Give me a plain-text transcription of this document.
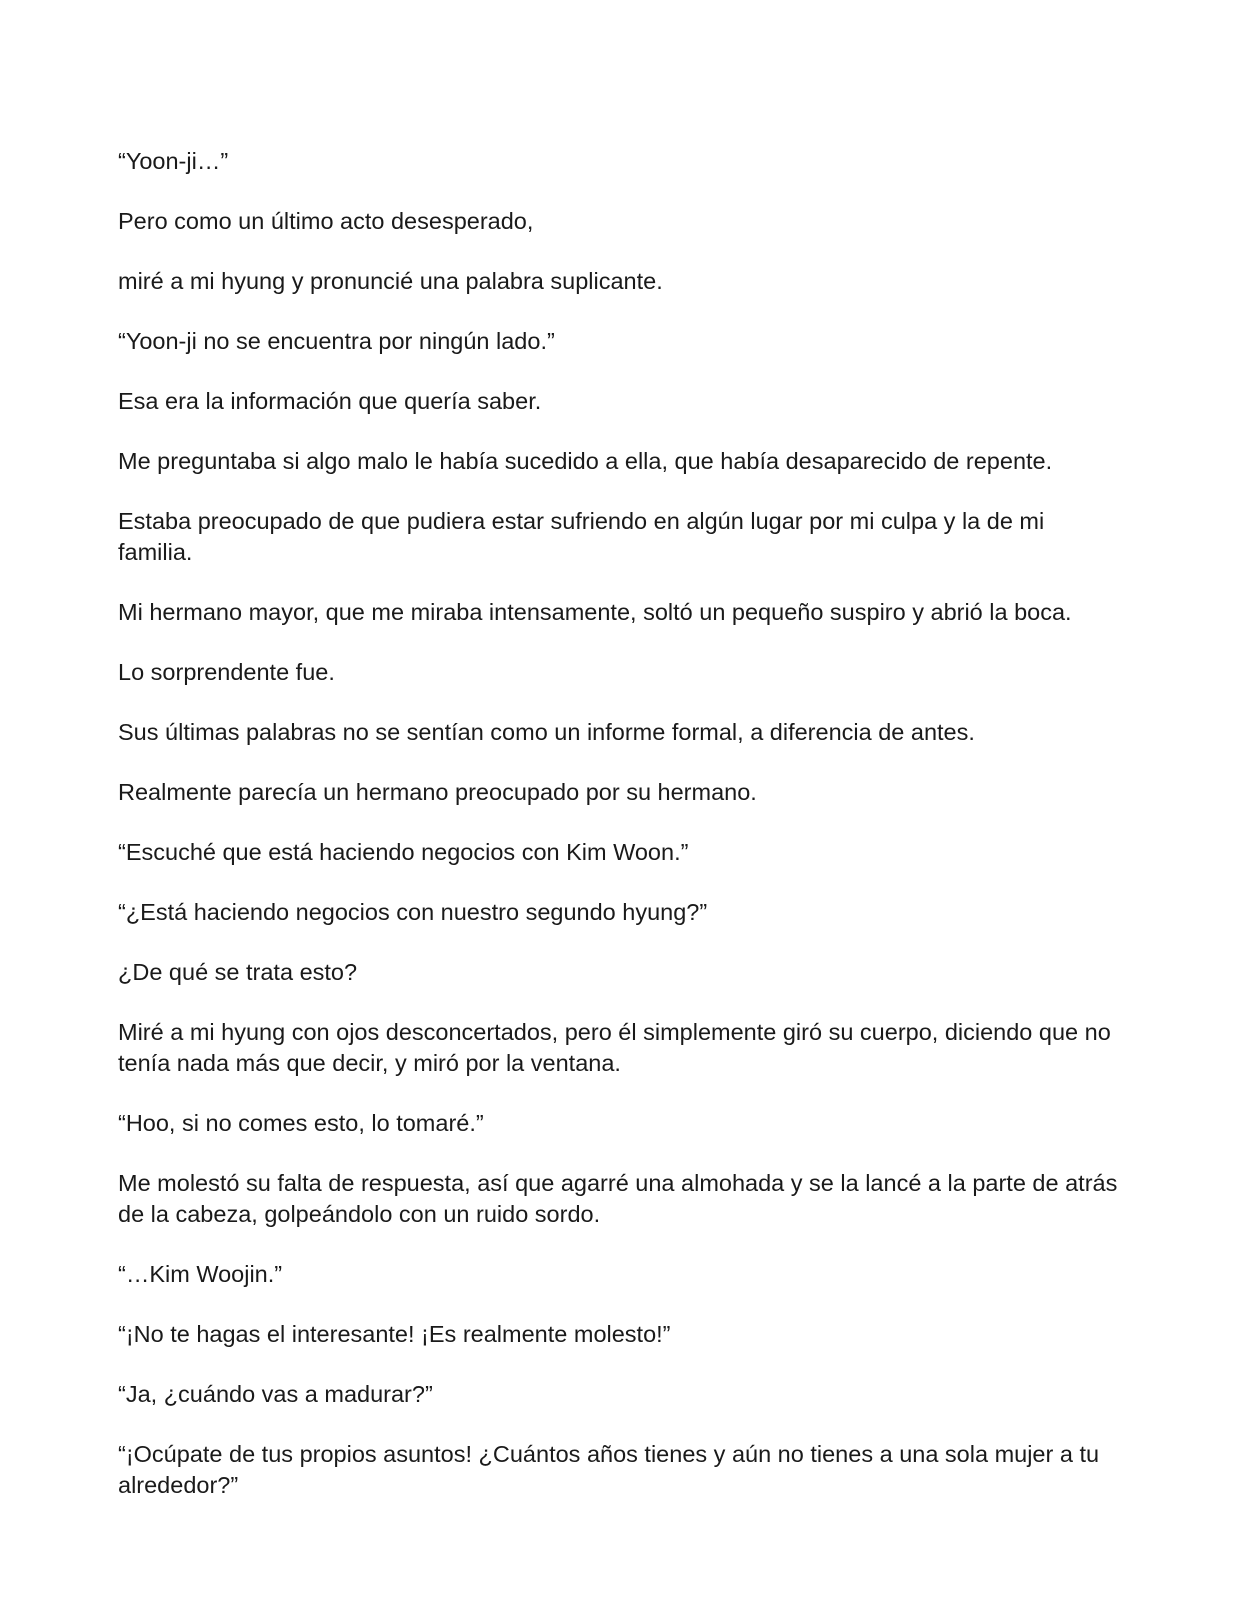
“Yoon-ji…”

Pero como un último acto desesperado,

miré a mi hyung y pronuncié una palabra suplicante.

“Yoon-ji no se encuentra por ningún lado.”

Esa era la información que quería saber.

Me preguntaba si algo malo le había sucedido a ella, que había desaparecido de repente.

Estaba preocupado de que pudiera estar sufriendo en algún lugar por mi culpa y la de mi familia.

Mi hermano mayor, que me miraba intensamente, soltó un pequeño suspiro y abrió la boca.

Lo sorprendente fue.

Sus últimas palabras no se sentían como un informe formal, a diferencia de antes.

Realmente parecía un hermano preocupado por su hermano.

“Escuché que está haciendo negocios con Kim Woon.”

“¿Está haciendo negocios con nuestro segundo hyung?”

¿De qué se trata esto?

Miré a mi hyung con ojos desconcertados, pero él simplemente giró su cuerpo, diciendo que no tenía nada más que decir, y miró por la ventana.

“Hoo, si no comes esto, lo tomaré.”

Me molestó su falta de respuesta, así que agarré una almohada y se la lancé a la parte de atrás de la cabeza, golpeándolo con un ruido sordo.

“…Kim Woojin.”

“¡No te hagas el interesante! ¡Es realmente molesto!”

“Ja, ¿cuándo vas a madurar?”

“¡Ocúpate de tus propios asuntos! ¿Cuántos años tienes y aún no tienes a una sola mujer a tu alrededor?”
